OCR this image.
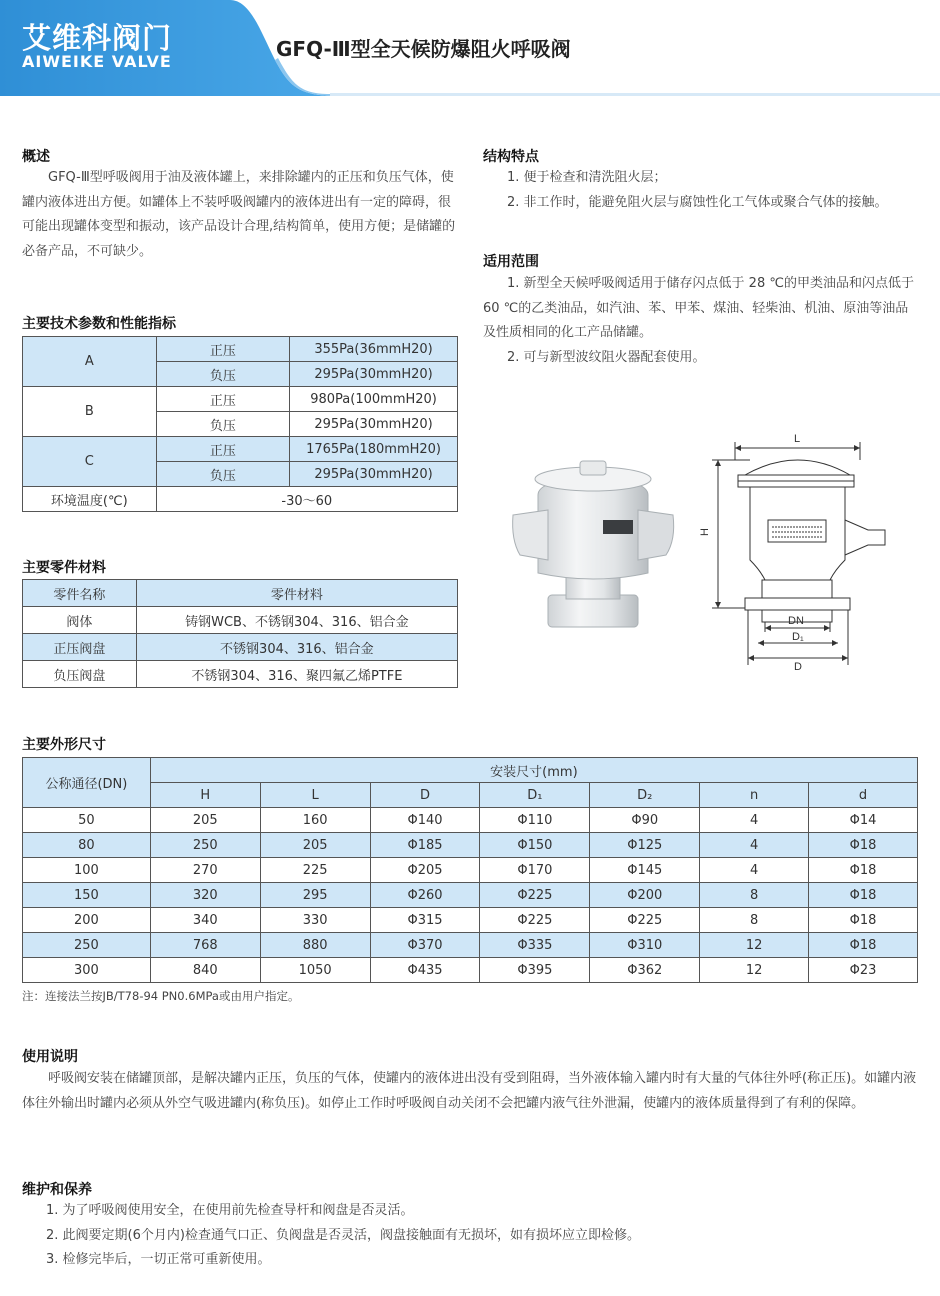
艾维科阀门
AIWEIKE VALVE
GFQ-Ⅲ型全天候防爆阻火呼吸阀
概述
GFQ-Ⅲ型呼吸阀用于油及液体罐上，来排除罐内的正压和负压气体，使罐内液体进出方便。如罐体上不装呼吸阀罐内的液体进出有一定的障碍，很可能出现罐体变型和振动，该产品设计合理,结构简单，使用方便；是储罐的必备产品，不可缺少。
结构特点
1. 便于检查和清洗阻火层；
2. 非工作时，能避免阻火层与腐蚀性化工气体或聚合气体的接触。
适用范围
1. 新型全天候呼吸阀适用于储存闪点低于 28 ℃的甲类油品和闪点低于 60 ℃的乙类油品，如汽油、苯、甲苯、煤油、轻柴油、机油、原油等油品及性质相同的化工产品储罐。
2. 可与新型波纹阻火器配套使用。
主要技术参数和性能指标
A	正压	355Pa(36mmH20)
	负压	295Pa(30mmH20)
B	正压	980Pa(100mmH20)
	负压	295Pa(30mmH20)
C	正压	1765Pa(180mmH20)
	负压	295Pa(30mmH20)
环境温度(℃)	-30～60	
主要零件材料
零件名称	零件材料
阀体	铸钢WCB、不锈钢304、316、铝合金
正压阀盘	不锈钢304、316、铝合金
负压阀盘	不锈钢304、316、聚四氟乙烯PTFE
L
H
DN
D₁
D
主要外形尺寸
公称通径(DN)	安装尺寸(mm)						
	H	L	D	D₁	D₂	n	d
50	205	160	Φ140	Φ110	Φ90	4	Φ14
80	250	205	Φ185	Φ150	Φ125	4	Φ18
100	270	225	Φ205	Φ170	Φ145	4	Φ18
150	320	295	Φ260	Φ225	Φ200	8	Φ18
200	340	330	Φ315	Φ225	Φ225	8	Φ18
250	768	880	Φ370	Φ335	Φ310	12	Φ18
300	840	1050	Φ435	Φ395	Φ362	12	Φ23
注：连接法兰按JB/T78-94 PN0.6MPa或由用户指定。
使用说明
呼吸阀安装在储罐顶部，是解决罐内正压，负压的气体，使罐内的液体进出没有受到阻碍，当外液体输入罐内时有大量的气体往外呼(称正压)。如罐内液体往外输出时罐内必须从外空气吸进罐内(称负压)。如停止工作时呼吸阀自动关闭不会把罐内液气往外泄漏，使罐内的液体质量得到了有利的保障。
维护和保养
1. 为了呼吸阀使用安全，在使用前先检查导杆和阀盘是否灵活。
2. 此阀要定期(6个月内)检查通气口正、负阀盘是否灵活，阀盘接触面有无损坏，如有损坏应立即检修。
3. 检修完毕后，一切正常可重新使用。
